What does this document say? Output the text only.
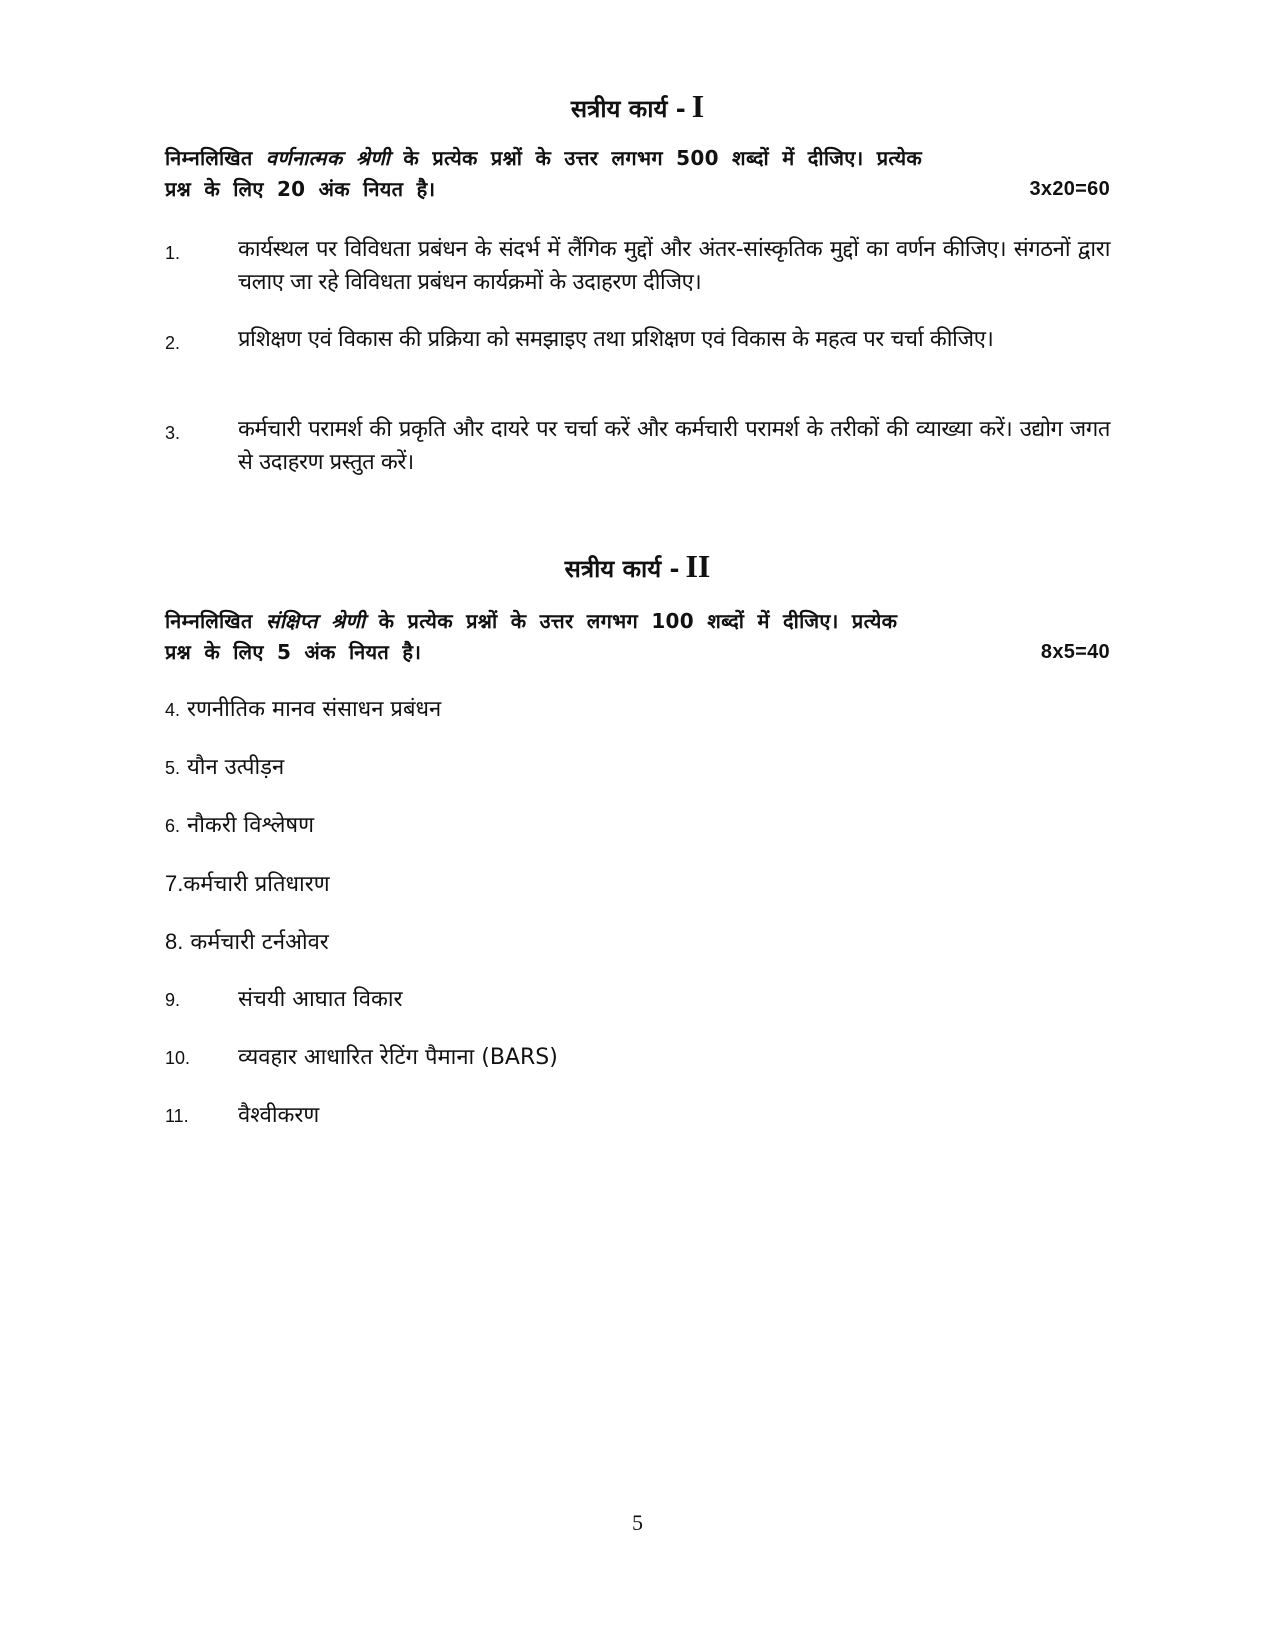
सत्रीय कार्य - I
निम्नलिखित वर्णनात्मक श्रेणी के प्रत्येक प्रश्नों के उत्तर लगभग 500 शब्दों में दीजिए। प्रत्येक
प्रश्न के लिए 20 अंक नियत है।	3x20=60
1.	कार्यस्थल पर विविधता प्रबंधन के संदर्भ में लैंगिक मुद्दों और अंतर-सांस्कृतिक मुद्दों का वर्णन कीजिए। संगठनों द्वारा चलाए जा रहे विविधता प्रबंधन कार्यक्रमों के उदाहरण दीजिए।
2.	प्रशिक्षण एवं विकास की प्रक्रिया को समझाइए तथा प्रशिक्षण एवं विकास के महत्व पर चर्चा कीजिए।
3.	कर्मचारी परामर्श की प्रकृति और दायरे पर चर्चा करें और कर्मचारी परामर्श के तरीकों की व्याख्या करें। उद्योग जगत से उदाहरण प्रस्तुत करें।
सत्रीय कार्य - II
निम्नलिखित संक्षिप्त श्रेणी के प्रत्येक प्रश्नों के उत्तर लगभग 100 शब्दों में दीजिए। प्रत्येक
प्रश्न के लिए 5 अंक नियत है।	8x5=40
4. रणनीतिक मानव संसाधन प्रबंधन
5. यौन उत्पीड़न
6. नौकरी विश्लेषण
7.कर्मचारी प्रतिधारण
8. कर्मचारी टर्नओवर
9.	संचयी आघात विकार
10. व्यवहार आधारित रेटिंग पैमाना (BARS)
11. वैश्वीकरण
5
